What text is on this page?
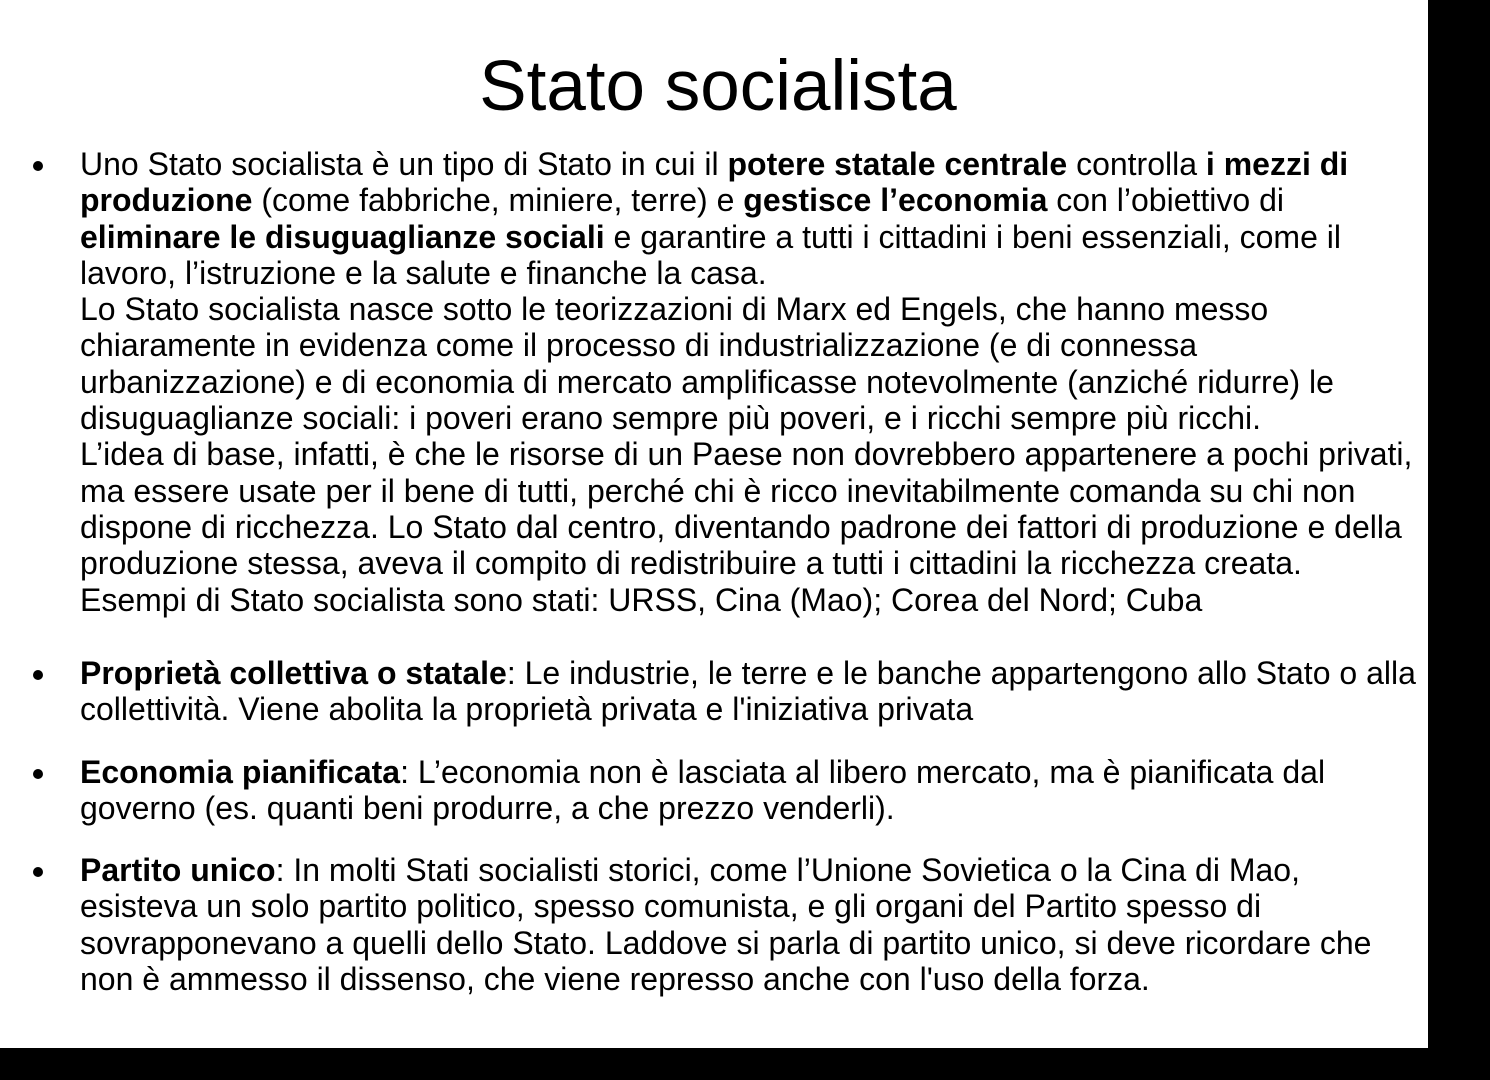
Stato socialista
Uno Stato socialista è un tipo di Stato in cui il potere statale centrale controlla i mezzi di
produzione (come fabbriche, miniere, terre) e gestisce l’economia con l’obiettivo di
eliminare le disuguaglianze sociali e garantire a tutti i cittadini i beni essenziali, come il
lavoro, l’istruzione e la salute e finanche la casa.
Lo Stato socialista nasce sotto le teorizzazioni di Marx ed Engels, che hanno messo
chiaramente in evidenza come il processo di industrializzazione (e di connessa
urbanizzazione) e di economia di mercato amplificasse notevolmente (anziché ridurre) le
disuguaglianze sociali: i poveri erano sempre più poveri, e i ricchi sempre più ricchi.
L’idea di base, infatti, è che le risorse di un Paese non dovrebbero appartenere a pochi privati,
ma essere usate per il bene di tutti, perché chi è ricco inevitabilmente comanda su chi non
dispone di ricchezza. Lo Stato dal centro, diventando padrone dei fattori di produzione e della
produzione stessa, aveva il compito di redistribuire a tutti i cittadini la ricchezza creata.
Esempi di Stato socialista sono stati: URSS, Cina (Mao); Corea del Nord; Cuba
Proprietà collettiva o statale: Le industrie, le terre e le banche appartengono allo Stato o alla
collettività. Viene abolita la proprietà privata e l'iniziativa privata
Economia pianificata: L’economia non è lasciata al libero mercato, ma è pianificata dal
governo (es. quanti beni produrre, a che prezzo venderli).
Partito unico: In molti Stati socialisti storici, come l’Unione Sovietica o la Cina di Mao,
esisteva un solo partito politico, spesso comunista, e gli organi del Partito spesso di
sovrapponevano a quelli dello Stato. Laddove si parla di partito unico, si deve ricordare che
non è ammesso il dissenso, che viene represso anche con l'uso della forza.
